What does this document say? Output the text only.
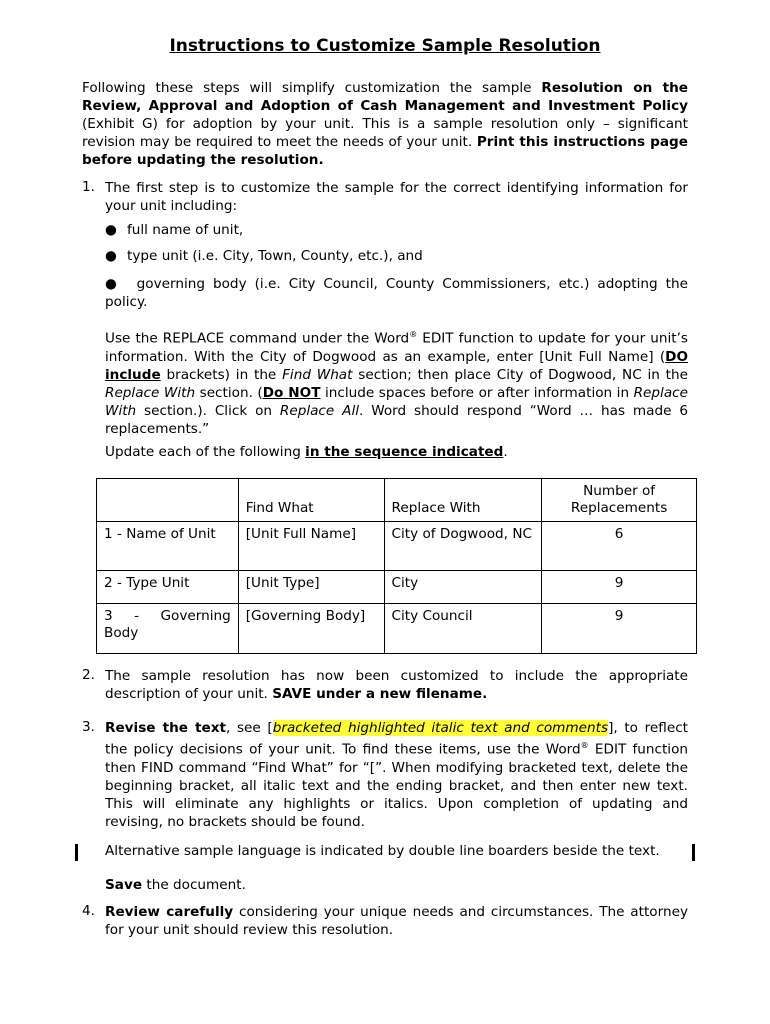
Instructions to Customize Sample Resolution
Following these steps will simplify customization the sample Resolution on the Review, Approval and Adoption of Cash Management and Investment Policy (Exhibit G) for adoption by your unit. This is a sample resolution only – significant revision may be required to meet the needs of your unit. Print this instructions page before updating the resolution.
1. The first step is to customize the sample for the correct identifying information for your unit including:
● full name of unit,
● type unit (i.e. City, Town, County, etc.), and
●  governing body (i.e. City Council, County Commissioners, etc.) adopting the policy.
Use the REPLACE command under the Word® EDIT function to update for your unit’s information. With the City of Dogwood as an example, enter [Unit Full Name] (DO include brackets) in the Find What section; then place City of Dogwood, NC in the Replace With section. (Do NOT include spaces before or after information in Replace With section.). Click on Replace All. Word should respond “Word … has made 6 replacements.”
Update each of the following in the sequence indicated.
	Find What	Replace With	Number of Replacements
1 - Name of Unit	[Unit Full Name]	City of Dogwood, NC	6
2 - Type Unit	[Unit Type]	City	9
3 - Governing Body	[Governing Body]	City Council	9
2. The sample resolution has now been customized to include the appropriate description of your unit. SAVE under a new filename.
3. Revise the text, see [bracketed highlighted italic text and comments], to reflect the policy decisions of your unit. To find these items, use the Word® EDIT function then FIND command “Find What” for “[”. When modifying bracketed text, delete the beginning bracket, all italic text and the ending bracket, and then enter new text. This will eliminate any highlights or italics. Upon completion of updating and revising, no brackets should be found.
Alternative sample language is indicated by double line boarders beside the text.
Save the document.
4. Review carefully considering your unique needs and circumstances. The attorney for your unit should review this resolution.
